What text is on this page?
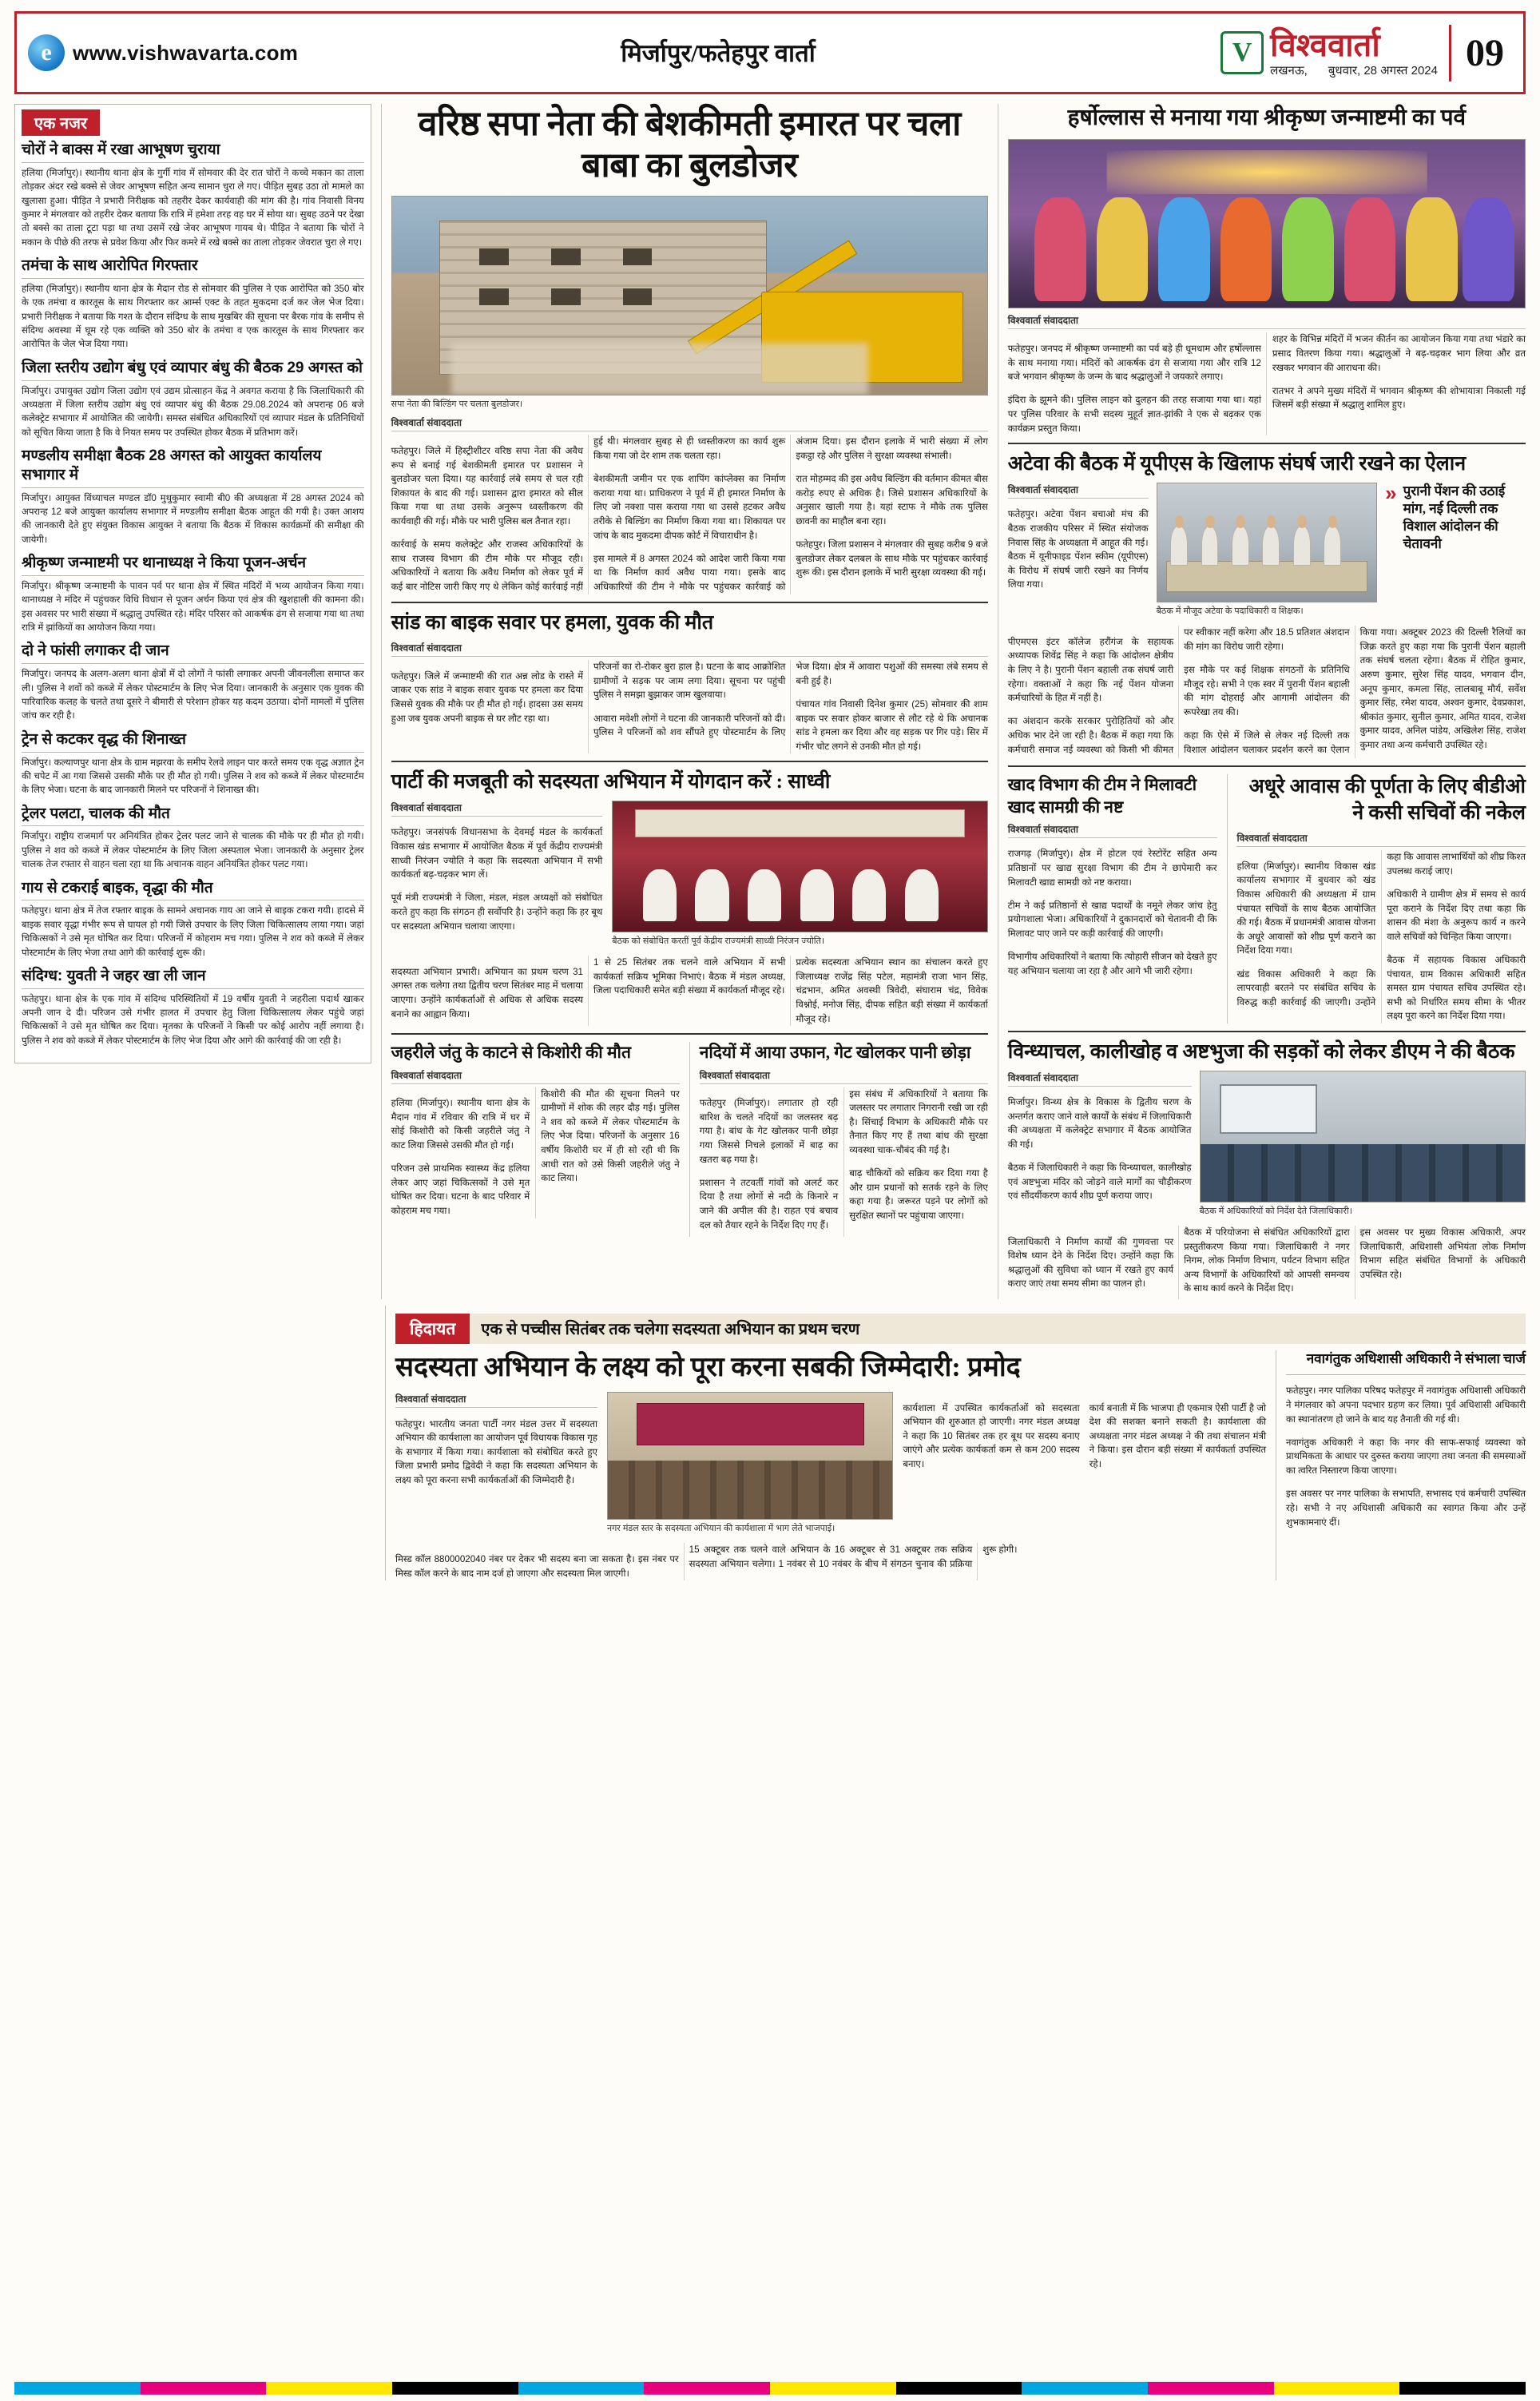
e	www.vishwavarta.com	मिर्जापुर/फतेहपुर वार्ता	V विश्ववार्ता
लखनऊ, बुधवार, 28 अगस्त 2024 09
एक नजर
चोरों ने बाक्स में रखा आभूषण चुराया
हलिया (मिर्जापुर)। स्थानीय थाना क्षेत्र के गुर्गी गांव में सोमवार की देर रात चोरों ने कच्चे मकान का ताला तोड़कर अंदर रखे बक्से से जेवर आभूषण सहित अन्य सामान चुरा ले गए। पीड़ित सुबह उठा तो मामले का खुलासा हुआ। पीड़ित ने प्रभारी निरीक्षक को तहरीर देकर कार्यवाही की मांग की है। गांव निवासी विनय कुमार ने मंगलवार को तहरीर देकर बताया कि रात्रि में हमेशा तरह वह घर में सोया था। सुबह उठने पर देखा तो बक्से का ताला टूटा पड़ा था तथा उसमें रखे जेवर आभूषण गायब थे। पीड़ित ने बताया कि चोरों ने मकान के पीछे की तरफ से प्रवेश किया और फिर कमरे में रखे बक्से का ताला तोड़कर जेवरात चुरा ले गए।
तमंचा के साथ आरोपित गिरफ्तार
हलिया (मिर्जापुर)। स्थानीय थाना क्षेत्र के मैदान रोड से सोमवार की पुलिस ने एक आरोपित को 350 बोर के एक तमंचा व कारतूस के साथ गिरफ्तार कर आर्म्स एक्ट के तहत मुकदमा दर्ज कर जेल भेज दिया। प्रभारी निरीक्षक ने बताया कि गश्त के दौरान संदिग्ध के साथ मुखबिर की सूचना पर बैरक गांव के समीप से संदिग्ध अवस्था में घूम रहे एक व्यक्ति को 350 बोर के तमंचा व एक कारतूस के साथ गिरफ्तार कर आरोपित के जेल भेज दिया गया।
जिला स्तरीय उद्योग बंधु एवं व्यापार बंधु की बैठक 29 अगस्त को
मिर्जापुर। उपायुक्त उद्योग जिला उद्योग एवं उद्यम प्रोत्साहन केंद्र ने अवगत कराया है कि जिलाधिकारी की अध्यक्षता में जिला स्तरीय उद्योग बंधु एवं व्यापार बंधु की बैठक 29.08.2024 को अपरान्ह 06 बजे कलेक्ट्रेट सभागार में आयोजित की जायेगी। समस्त संबंधित अधिकारियों एवं व्यापार मंडल के प्रतिनिधियों को सूचित किया जाता है कि वे नियत समय पर उपस्थित होकर बैठक में प्रतिभाग करें।
मण्डलीय समीक्षा बैठक 28 अगस्त को आयुक्त कार्यालय सभागार में
मिर्जापुर। आयुक्त विंध्याचल मण्डल डॉ0 मुथुकुमार स्वामी बी0 की अध्यक्षता में 28 अगस्त 2024 को अपरान्ह 12 बजे आयुक्त कार्यालय सभागार में मण्डलीय समीक्षा बैठक आहूत की गयी है। उक्त आशय की जानकारी देते हुए संयुक्त विकास आयुक्त ने बताया कि बैठक में विकास कार्यक्रमों की समीक्षा की जायेगी।
श्रीकृष्ण जन्माष्टमी पर थानाध्यक्ष ने किया पूजन-अर्चन
मिर्जापुर। श्रीकृष्ण जन्माष्टमी के पावन पर्व पर थाना क्षेत्र में स्थित मंदिरों में भव्य आयोजन किया गया। थानाध्यक्ष ने मंदिर में पहुंचकर विधि विधान से पूजन अर्चन किया एवं क्षेत्र की खुशहाली की कामना की। इस अवसर पर भारी संख्या में श्रद्धालु उपस्थित रहे। मंदिर परिसर को आकर्षक ढंग से सजाया गया था तथा रात्रि में झांकियों का आयोजन किया गया।
दो ने फांसी लगाकर दी जान
मिर्जापुर। जनपद के अलग-अलग थाना क्षेत्रों में दो लोगों ने फांसी लगाकर अपनी जीवनलीला समाप्त कर ली। पुलिस ने शवों को कब्जे में लेकर पोस्टमार्टम के लिए भेज दिया। जानकारी के अनुसार एक युवक की पारिवारिक कलह के चलते तथा दूसरे ने बीमारी से परेशान होकर यह कदम उठाया। दोनों मामलों में पुलिस जांच कर रही है।
ट्रेन से कटकर वृद्ध की शिनाख्त
मिर्जापुर। कल्याणपुर थाना क्षेत्र के ग्राम मझरवा के समीप रेलवे लाइन पार करते समय एक वृद्ध अज्ञात ट्रेन की चपेट में आ गया जिससे उसकी मौके पर ही मौत हो गयी। पुलिस ने शव को कब्जे में लेकर पोस्टमार्टम के लिए भेजा। घटना के बाद जानकारी मिलने पर परिजनों ने शिनाख्त की।
ट्रेलर पलटा, चालक की मौत
मिर्जापुर। राष्ट्रीय राजमार्ग पर अनियंत्रित होकर ट्रेलर पलट जाने से चालक की मौके पर ही मौत हो गयी। पुलिस ने शव को कब्जे में लेकर पोस्टमार्टम के लिए जिला अस्पताल भेजा। जानकारी के अनुसार ट्रेलर चालक तेज रफ्तार से वाहन चला रहा था कि अचानक वाहन अनियंत्रित होकर पलट गया।
गाय से टकराई बाइक, वृद्धा की मौत
फतेहपुर। थाना क्षेत्र में तेज रफ्तार बाइक के सामने अचानक गाय आ जाने से बाइक टकरा गयी। हादसे में बाइक सवार वृद्धा गंभीर रूप से घायल हो गयी जिसे उपचार के लिए जिला चिकित्सालय लाया गया। जहां चिकित्सकों ने उसे मृत घोषित कर दिया। परिजनों में कोहराम मच गया। पुलिस ने शव को कब्जे में लेकर पोस्टमार्टम के लिए भेजा तथा आगे की कार्रवाई शुरू की।
संदिग्ध: युवती ने जहर खा ली जान
फतेहपुर। थाना क्षेत्र के एक गांव में संदिग्ध परिस्थितियों में 19 वर्षीय युवती ने जहरीला पदार्थ खाकर अपनी जान दे दी। परिजन उसे गंभीर हालत में उपचार हेतु जिला चिकित्सालय लेकर पहुंचे जहां चिकित्सकों ने उसे मृत घोषित कर दिया। मृतका के परिजनों ने किसी पर कोई आरोप नहीं लगाया है। पुलिस ने शव को कब्जे में लेकर पोस्टमार्टम के लिए भेज दिया और आगे की कार्रवाई की जा रही है।
वरिष्ठ सपा नेता की बेशकीमती इमारत पर चला बाबा का बुलडोजर
सपा नेता की बिल्डिंग पर चलता बुलडोजर।
विश्ववार्ता संवाददाता

फतेहपुर। जिले में हिस्ट्रीशीटर वरिष्ठ सपा नेता की अवैध रूप से बनाई गई बेशकीमती इमारत पर प्रशासन ने बुलडोजर चला दिया। यह कार्रवाई लंबे समय से चल रही शिकायत के बाद की गई। प्रशासन द्वारा इमारत को सील किया गया था तथा उसके अनुरूप ध्वस्तीकरण की कार्यवाही की गई। मौके पर भारी पुलिस बल तैनात रहा।

कार्रवाई के समय कलेक्ट्रेट और राजस्व अधिकारियों के साथ राजस्व विभाग की टीम मौके पर मौजूद रही। अधिकारियों ने बताया कि अवैध निर्माण को लेकर पूर्व में कई बार नोटिस जारी किए गए थे लेकिन कोई कार्रवाई नहीं हुई थी। मंगलवार सुबह से ही ध्वस्तीकरण का कार्य शुरू किया गया जो देर शाम तक चलता रहा।

बेशकीमती जमीन पर एक शापिंग कांप्लेक्स का निर्माण कराया गया था। प्राधिकरण ने पूर्व में ही इमारत निर्माण के लिए जो नक्शा पास कराया गया था उससे हटकर अवैध तरीके से बिल्डिंग का निर्माण किया गया था। शिकायत पर जांच के बाद मुकदमा दीपक कोर्ट में विचाराधीन है।

इस मामले में 8 अगस्त 2024 को आदेश जारी किया गया था कि निर्माण कार्य अवैध पाया गया। इसके बाद अधिकारियों की टीम ने मौके पर पहुंचकर कार्रवाई को अंजाम दिया। इस दौरान इलाके में भारी संख्या में लोग इकट्ठा रहे और पुलिस ने सुरक्षा व्यवस्था संभाली।

रात मोहम्मद की इस अवैध बिल्डिंग की वर्तमान कीमत बीस करोड़ रुपए से अधिक है। जिसे प्रशासन अधिकारियों के अनुसार खाली गया है। यहां स्टाफ ने मौके तक पुलिस छावनी का माहौल बना रहा।

फतेहपुर। जिला प्रशासन ने मंगलवार की सुबह करीब 9 बजे बुलडोजर लेकर दलबल के साथ मौके पर पहुंचकर कार्रवाई शुरू की। इस दौरान इलाके में भारी सुरक्षा व्यवस्था की गई।

सांड का बाइक सवार पर हमला, युवक की मौत
विश्ववार्ता संवाददाता

फतेहपुर। जिले में जन्माष्टमी की रात अन्न लोड के रास्ते में जाकर एक सांड ने बाइक सवार युवक पर हमला कर दिया जिससे युवक की मौके पर ही मौत हो गई। हादसा उस समय हुआ जब युवक अपनी बाइक से घर लौट रहा था।

परिजनों का रो-रोकर बुरा हाल है। घटना के बाद आक्रोशित ग्रामीणों ने सड़क पर जाम लगा दिया। सूचना पर पहुंची पुलिस ने समझा बुझाकर जाम खुलवाया।

आवारा मवेशी लोगों ने घटना की जानकारी परिजनों को दी। पुलिस ने परिजनों को शव सौंपते हुए पोस्टमार्टम के लिए भेज दिया। क्षेत्र में आवारा पशुओं की समस्या लंबे समय से बनी हुई है।

पंचायत गांव निवासी दिनेश कुमार (25) सोमवार की शाम बाइक पर सवार होकर बाजार से लौट रहे थे कि अचानक सांड ने हमला कर दिया और वह सड़क पर गिर पड़े। सिर में गंभीर चोट लगने से उनकी मौत हो गई।

पार्टी की मजबूती को सदस्यता अभियान में योगदान करें : साध्वी
विश्ववार्ता संवाददाता

फतेहपुर। जनसंपर्क विधानसभा के देवमई मंडल के कार्यकर्ता विकास खंड सभागार में आयोजित बैठक में पूर्व केंद्रीय राज्यमंत्री साध्वी निरंजन ज्योति ने कहा कि सदस्यता अभियान में सभी कार्यकर्ता बढ़-चढ़कर भाग लें।

पूर्व मंत्री राज्यमंत्री ने जिला, मंडल, मंडल अध्यक्षों को संबोधित करते हुए कहा कि संगठन ही सर्वोपरि है। उन्होंने कहा कि हर बूथ पर सदस्यता अभियान चलाया जाएगा।

बैठक को संबोधित करतीं पूर्व केंद्रीय राज्यमंत्री साध्वी निरंजन ज्योति।

सदस्यता अभियान प्रभारी। अभियान का प्रथम चरण 31 अगस्त तक चलेगा तथा द्वितीय चरण सितंबर माह में चलाया जाएगा। उन्होंने कार्यकर्ताओं से अधिक से अधिक सदस्य बनाने का आह्वान किया।

1 से 25 सितंबर तक चलने वाले अभियान में सभी कार्यकर्ता सक्रिय भूमिका निभाएं। बैठक में मंडल अध्यक्ष, जिला पदाधिकारी समेत बड़ी संख्या में कार्यकर्ता मौजूद रहे।

प्रत्येक सदस्यता अभियान स्थान का संचालन करते हुए जिलाध्यक्ष राजेंद्र सिंह पटेल, महामंत्री राजा भान सिंह, चंद्रभान, अमित अवस्थी त्रिवेदी, संघाराम चंद्र, विवेक विश्नोई, मनोज सिंह, दीपक सहित बड़ी संख्या में कार्यकर्ता मौजूद रहे।

जहरीले जंतु के काटने से किशोरी की मौत
विश्ववार्ता संवाददाता

हलिया (मिर्जापुर)। स्थानीय थाना क्षेत्र के मैदान गांव में रविवार की रात्रि में घर में सोई किशोरी को किसी जहरीले जंतु ने काट लिया जिससे उसकी मौत हो गई।

परिजन उसे प्राथमिक स्वास्थ्य केंद्र हलिया लेकर आए जहां चिकित्सकों ने उसे मृत घोषित कर दिया। घटना के बाद परिवार में कोहराम मच गया।

किशोरी की मौत की सूचना मिलने पर ग्रामीणों में शोक की लहर दौड़ गई। पुलिस ने शव को कब्जे में लेकर पोस्टमार्टम के लिए भेज दिया। परिजनों के अनुसार 16 वर्षीय किशोरी घर में ही सो रही थी कि आधी रात को उसे किसी जहरीले जंतु ने काट लिया।

नदियों में आया उफान, गेट खोलकर पानी छोड़ा
विश्ववार्ता संवाददाता

फतेहपुर (मिर्जापुर)। लगातार हो रही बारिश के चलते नदियों का जलस्तर बढ़ गया है। बांध के गेट खोलकर पानी छोड़ा गया जिससे निचले इलाकों में बाढ़ का खतरा बढ़ गया है।

प्रशासन ने तटवर्ती गांवों को अलर्ट कर दिया है तथा लोगों से नदी के किनारे न जाने की अपील की है। राहत एवं बचाव दल को तैयार रहने के निर्देश दिए गए हैं।

इस संबंध में अधिकारियों ने बताया कि जलस्तर पर लगातार निगरानी रखी जा रही है। सिंचाई विभाग के अधिकारी मौके पर तैनात किए गए हैं तथा बांध की सुरक्षा व्यवस्था चाक-चौबंद की गई है।

बाढ़ चौकियों को सक्रिय कर दिया गया है और ग्राम प्रधानों को सतर्क रहने के लिए कहा गया है। जरूरत पड़ने पर लोगों को सुरक्षित स्थानों पर पहुंचाया जाएगा।

हर्षोल्लास से मनाया गया श्रीकृष्ण जन्माष्टमी का पर्व
विश्ववार्ता संवाददाता

फतेहपुर। जनपद में श्रीकृष्ण जन्माष्टमी का पर्व बड़े ही धूमधाम और हर्षोल्लास के साथ मनाया गया। मंदिरों को आकर्षक ढंग से सजाया गया और रात्रि 12 बजे भगवान श्रीकृष्ण के जन्म के बाद श्रद्धालुओं ने जयकारे लगाए।

इंदिरा के झूमने की। पुलिस लाइन को दुलहन की तरह सजाया गया था। यहां पर पुलिस परिवार के सभी सदस्य मुहूर्त ज्ञात-झांकी ने एक से बढ़कर एक कार्यक्रम प्रस्तुत किया।

शहर के विभिन्न मंदिरों में भजन कीर्तन का आयोजन किया गया तथा भंडारे का प्रसाद वितरण किया गया। श्रद्धालुओं ने बढ़-चढ़कर भाग लिया और व्रत रखकर भगवान की आराधना की।

रातभर ने अपने मुख्य मंदिरों में भगवान श्रीकृष्ण की शोभायात्रा निकाली गई जिसमें बड़ी संख्या में श्रद्धालु शामिल हुए।

अटेवा की बैठक में यूपीएस के खिलाफ संघर्ष जारी रखने का ऐलान
विश्ववार्ता संवाददाता

फतेहपुर। अटेवा पेंशन बचाओ मंच की बैठक राजकीय परिसर में स्थित संयोजक निवास सिंह के अध्यक्षता में आहूत की गई। बैठक में यूनीफाइड पेंशन स्कीम (यूपीएस) के विरोध में संघर्ष जारी रखने का निर्णय लिया गया।

बैठक में मौजूद अटेवा के पदाधिकारी व शिक्षक।
» पुरानी पेंशन की उठाई मांग, नई दिल्ली तक विशाल आंदोलन की चेतावनी

पीएमएस इंटर कॉलेज हरौंगंज के सहायक अध्यापक शिवेंद्र सिंह ने कहा कि आंदोलन क्षेत्रीय के लिए ने है। पुरानी पेंशन बहाली तक संघर्ष जारी रहेगा। वक्ताओं ने कहा कि नई पेंशन योजना कर्मचारियों के हित में नहीं है।

का अंशदान करके सरकार पुरोहितियों को और अधिक भार देने जा रही है। बैठक में कहा गया कि कर्मचारी समाज नई व्यवस्था को किसी भी कीमत पर स्वीकार नहीं करेगा और 18.5 प्रतिशत अंशदान की मांग का विरोध जारी रहेगा।

इस मौके पर कई शिक्षक संगठनों के प्रतिनिधि मौजूद रहे। सभी ने एक स्वर में पुरानी पेंशन बहाली की मांग दोहराई और आगामी आंदोलन की रूपरेखा तय की।

कहा कि ऐसे में जिले से लेकर नई दिल्ली तक विशाल आंदोलन चलाकर प्रदर्शन करने का ऐलान किया गया। अक्टूबर 2023 की दिल्ली रैलियों का जिक्र करते हुए कहा गया कि पुरानी पेंशन बहाली तक संघर्ष चलता रहेगा। बैठक में रोहित कुमार, अरुण कुमार, सुरेश सिंह यादव, भगवान दीन, अनूप कुमार, कमला सिंह, लालबाबू मौर्य, सर्वेश कुमार सिंह, रमेश यादव, अश्वन कुमार, देवप्रकाश, श्रीकांत कुमार, सुनील कुमार, अमित यादव, राजेश कुमार यादव, अनिल पांडेय, अखिलेश सिंह, राजेश कुमार तथा अन्य कर्मचारी उपस्थित रहे।

खाद विभाग की टीम ने मिलावटी खाद सामग्री की नष्ट
विश्ववार्ता संवाददाता

राजगढ़ (मिर्जापुर)। क्षेत्र में होटल एवं रेस्टोरेंट सहित अन्य प्रतिष्ठानों पर खाद्य सुरक्षा विभाग की टीम ने छापेमारी कर मिलावटी खाद्य सामग्री को नष्ट कराया।

टीम ने कई प्रतिष्ठानों से खाद्य पदार्थों के नमूने लेकर जांच हेतु प्रयोगशाला भेजा। अधिकारियों ने दुकानदारों को चेतावनी दी कि मिलावट पाए जाने पर कड़ी कार्रवाई की जाएगी।

विभागीय अधिकारियों ने बताया कि त्योहारी सीजन को देखते हुए यह अभियान चलाया जा रहा है और आगे भी जारी रहेगा।

अधूरे आवास की पूर्णता के लिए बीडीओ ने कसी सचिवों की नकेल
विश्ववार्ता संवाददाता

हलिया (मिर्जापुर)। स्थानीय विकास खंड कार्यालय सभागार में बुधवार को खंड विकास अधिकारी की अध्यक्षता में ग्राम पंचायत सचिवों के साथ बैठक आयोजित की गई। बैठक में प्रधानमंत्री आवास योजना के अधूरे आवासों को शीघ्र पूर्ण कराने का निर्देश दिया गया।

खंड विकास अधिकारी ने कहा कि लापरवाही बरतने पर संबंधित सचिव के विरुद्ध कड़ी कार्रवाई की जाएगी। उन्होंने कहा कि आवास लाभार्थियों को शीघ्र किश्त उपलब्ध कराई जाए।

अधिकारी ने ग्रामीण क्षेत्र में समय से कार्य पूरा कराने के निर्देश दिए तथा कहा कि शासन की मंशा के अनुरूप कार्य न करने वाले सचिवों को चिन्हित किया जाएगा।

बैठक में सहायक विकास अधिकारी पंचायत, ग्राम विकास अधिकारी सहित समस्त ग्राम पंचायत सचिव उपस्थित रहे। सभी को निर्धारित समय सीमा के भीतर लक्ष्य पूरा करने का निर्देश दिया गया।

विन्ध्याचल, कालीखोह व अष्टभुजा की सड़कों को लेकर डीएम ने की बैठक
विश्ववार्ता संवाददाता

मिर्जापुर। विन्ध्य क्षेत्र के विकास के द्वितीय चरण के अन्तर्गत कराए जाने वाले कार्यों के संबंध में जिलाधिकारी की अध्यक्षता में कलेक्ट्रेट सभागार में बैठक आयोजित की गई।

बैठक में जिलाधिकारी ने कहा कि विन्ध्याचल, कालीखोह एवं अष्टभुजा मंदिर को जोड़ने वाले मार्गों का चौड़ीकरण एवं सौंदर्यीकरण कार्य शीघ्र पूर्ण कराया जाए।

बैठक में अधिकारियों को निर्देश देते जिलाधिकारी।

जिलाधिकारी ने निर्माण कार्यों की गुणवत्ता पर विशेष ध्यान देने के निर्देश दिए। उन्होंने कहा कि श्रद्धालुओं की सुविधा को ध्यान में रखते हुए कार्य कराए जाएं तथा समय सीमा का पालन हो।

बैठक में परियोजना से संबंधित अधिकारियों द्वारा प्रस्तुतीकरण किया गया। जिलाधिकारी ने नगर निगम, लोक निर्माण विभाग, पर्यटन विभाग सहित अन्य विभागों के अधिकारियों को आपसी समन्वय के साथ कार्य करने के निर्देश दिए।

इस अवसर पर मुख्य विकास अधिकारी, अपर जिलाधिकारी, अधिशासी अभियंता लोक निर्माण विभाग सहित संबंधित विभागों के अधिकारी उपस्थित रहे।

हिदायत	एक से पच्चीस सितंबर तक चलेगा सदस्यता अभियान का प्रथम चरण
सदस्यता अभियान के लक्ष्य को पूरा करना सबकी जिम्मेदारी: प्रमोद
विश्ववार्ता संवाददाता

फतेहपुर। भारतीय जनता पार्टी नगर मंडल उत्तर में सदस्यता अभियान की कार्यशाला का आयोजन पूर्व विधायक विकास गृह के सभागार में किया गया। कार्यशाला को संबोधित करते हुए जिला प्रभारी प्रमोद द्विवेदी ने कहा कि सदस्यता अभियान के लक्ष्य को पूरा करना सभी कार्यकर्ताओं की जिम्मेदारी है।

नगर मंडल स्तर के सदस्यता अभियान की कार्यशाला में भाग लेते भाजपाई।

कार्यशाला में उपस्थित कार्यकर्ताओं को सदस्यता अभियान की शुरुआत हो जाएगी। नगर मंडल अध्यक्ष ने कहा कि 10 सितंबर तक हर बूथ पर सदस्य बनाए जाएंगे और प्रत्येक कार्यकर्ता कम से कम 200 सदस्य बनाए।

कार्य बनाती में कि भाजपा ही एकमात्र ऐसी पार्टी है जो देश की सशक्त बनाने सकती है। कार्यशाला की अध्यक्षता नगर मंडल अध्यक्ष ने की तथा संचालन मंत्री ने किया। इस दौरान बड़ी संख्या में कार्यकर्ता उपस्थित रहे।

मिस्ड कॉल 8800002040 नंबर पर देकर भी सदस्य बना जा सकता है। इस नंबर पर मिस्ड कॉल करने के बाद नाम दर्ज हो जाएगा और सदस्यता मिल जाएगी।

15 अक्टूबर तक चलने वाले अभियान के 16 अक्टूबर से 31 अक्टूबर तक सक्रिय सदस्यता अभियान चलेगा। 1 नवंबर से 10 नवंबर के बीच में संगठन चुनाव की प्रक्रिया शुरू होगी।

नवागंतुक अधिशासी अधिकारी ने संभाला चार्ज

फतेहपुर। नगर पालिका परिषद फतेहपुर में नवागंतुक अधिशासी अधिकारी ने मंगलवार को अपना पदभार ग्रहण कर लिया। पूर्व अधिशासी अधिकारी का स्थानांतरण हो जाने के बाद यह तैनाती की गई थी।

नवागंतुक अधिकारी ने कहा कि नगर की साफ-सफाई व्यवस्था को प्राथमिकता के आधार पर दुरुस्त कराया जाएगा तथा जनता की समस्याओं का त्वरित निस्तारण किया जाएगा।

इस अवसर पर नगर पालिका के सभापति, सभासद एवं कर्मचारी उपस्थित रहे। सभी ने नए अधिशासी अधिकारी का स्वागत किया और उन्हें शुभकामनाएं दीं।
